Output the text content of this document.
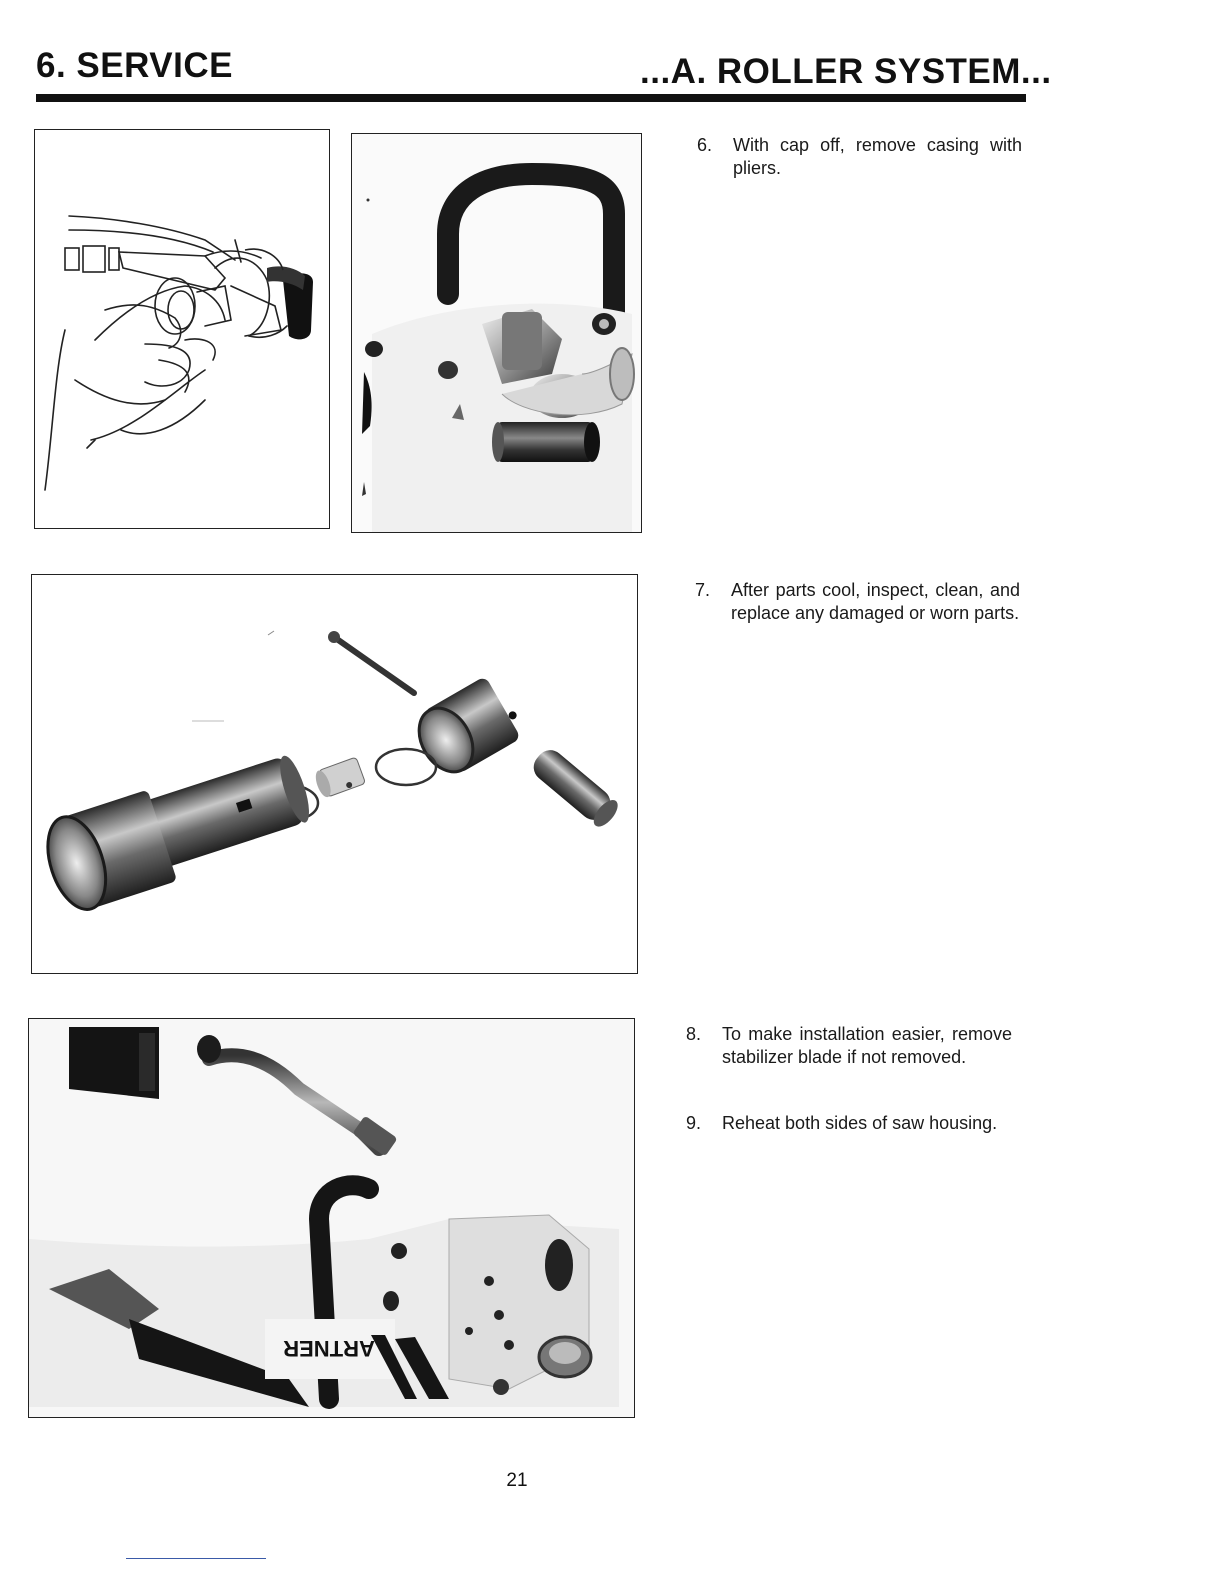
6. SERVICE	...A. ROLLER SYSTEM...
ARTNER
6. With cap off, remove casing with pliers.
7. After parts cool, inspect, clean, and replace any damaged or worn parts.
8. To make installation easier, remove stabilizer blade if not removed.
9. Reheat both sides of saw housing.
21
